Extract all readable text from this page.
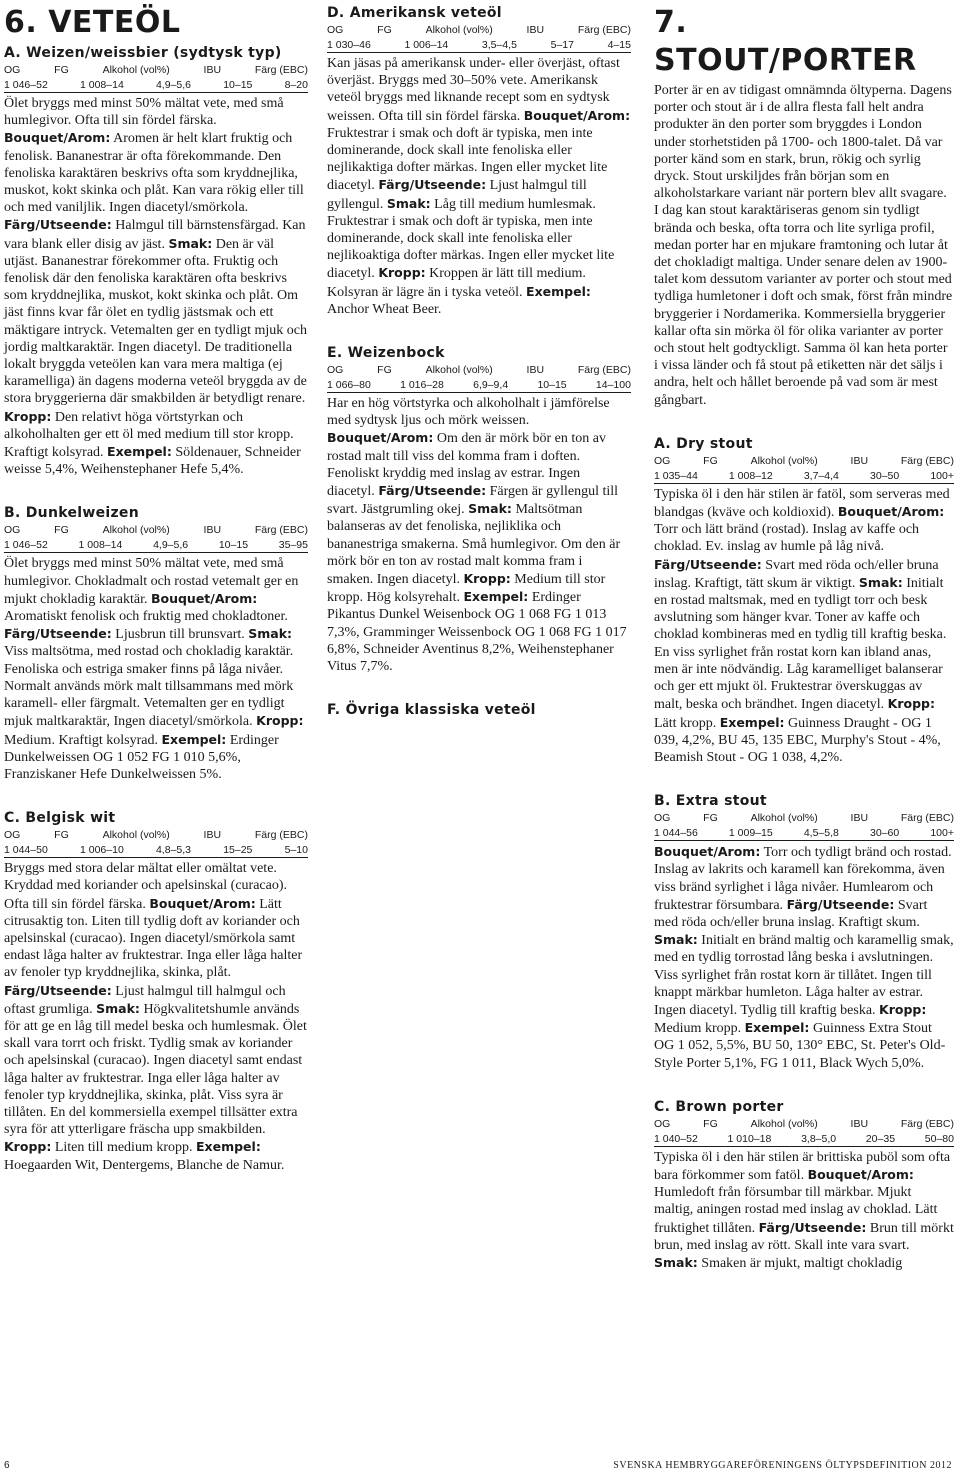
6. VETEÖL
A. Weizen/weissbier (sydtysk typ)
OG	FG	Alkohol (vol%)	IBU	Färg (EBC)
1 046–52	1 008–14	4,9–5,6	10–15	8–20

Ölet bryggs med minst 50% mältat vete, med små humlegivor. Ofta till sin fördel färska. Bouquet/Arom: Aromen är helt klart fruktig och fenolisk. Bananestrar är ofta förekommande. Den fenoliska karaktären beskrivs ofta som kryddnejlika, muskot, kokt skinka och plåt. Kan vara rökig eller till och med vaniljlik. Ingen diacetyl/smörkola. Färg/Utseende: Halmgul till bärnstensfärgad. Kan vara blank eller disig av jäst. Smak: Den är väl utjäst. Bananestrar förekommer ofta. Fruktig och fenolisk där den fenoliska karaktären ofta beskrivs som kryddnejlika, muskot, kokt skinka och plåt. Om jäst finns kvar får ölet en tydlig jästsmak och ett mäktigare intryck. Vetemalten ger en tydligt mjuk och jordig maltkaraktär. Ingen diacetyl. De traditionella lokalt bryggda veteölen kan vara mera maltiga (ej karamelliga) än dagens moderna veteöl bryggda av de stora bryggerierna där smakbilden är betydligt renare. Kropp: Den relativt höga vörtstyrkan och alkoholhalten ger ett öl med medium till stor kropp. Kraftigt kolsyrad. Exempel: Söldenauer, Schneider weisse 5,4%, Weihenstephaner Hefe 5,4%.

B. Dunkelweizen
OG	FG	Alkohol (vol%)	IBU	Färg (EBC)
1 046–52	1 008–14	4,9–5,6	10–15	35–95

Ölet bryggs med minst 50% mältat vete, med små humlegivor. Chokladmalt och rostad vetemalt ger en mjukt chokladig karaktär. Bouquet/Arom: Aromatiskt fenolisk och fruktig med chokladtoner. Färg/Utseende: Ljusbrun till brunsvart. Smak: Viss maltsötma, med rostad och chokladig karaktär. Fenoliska och estriga smaker finns på låga nivåer. Normalt används mörk malt tillsammans med mörk karamell- eller färgmalt. Vetemalten ger en tydligt mjuk maltkaraktär, Ingen diacetyl/smörkola. Kropp: Medium. Kraftigt kolsyrad. Exempel: Erdinger Dunkelweissen OG 1 052 FG 1 010 5,6%, Franziskaner Hefe Dunkelweissen 5%.

C. Belgisk wit
OG	FG	Alkohol (vol%)	IBU	Färg (EBC)
1 044–50	1 006–10	4,8–5,3	15–25	5–10

Bryggs med stora delar mältat eller omältat vete. Kryddad med koriander och apelsinskal (curacao). Ofta till sin fördel färska. Bouquet/Arom: Lätt citrusaktig ton. Liten till tydlig doft av koriander och apelsinskal (curacao). Ingen diacetyl/smörkola samt endast låga halter av fruktestrar. Inga eller låga halter av fenoler typ kryddnejlika, skinka, plåt. Färg/Utseende: Ljust halmgul till halmgul och oftast grumliga. Smak: Högkvalitetshumle används för att ge en låg till medel beska och humlesmak. Ölet skall vara torrt och friskt. Tydlig smak av koriander och apelsinskal (curacao). Ingen diacetyl samt endast låga halter av fruktestrar. Inga eller låga halter av fenoler typ kryddnejlika, skinka, plåt. Viss syra är tillåten. En del kommersiella exempel tillsätter extra syra för att ytterligare fräscha upp smakbilden. Kropp: Liten till medium kropp. Exempel: Hoegaarden Wit, Dentergems, Blanche de Namur.

D. Amerikansk veteöl
OG	FG	Alkohol (vol%)	IBU	Färg (EBC)
1 030–46	1 006–14	3,5–4,5	5–17	4–15

Kan jäsas på amerikansk under- eller överjäst, oftast överjäst. Bryggs med 30–50% vete. Amerikansk veteöl bryggs med liknande recept som en sydtysk weissen. Ofta till sin fördel färska. Bouquet/Arom: Fruktestrar i smak och doft är typiska, men inte dominerande, dock skall inte fenoliska eller nejlikaktiga dofter märkas. Ingen eller mycket lite diacetyl. Färg/Utseende: Ljust halmgul till gyllengul. Smak: Låg till medium humlesmak. Fruktestrar i smak och doft är typiska, men inte dominerande, dock skall inte fenoliska eller nejlikoaktiga dofter märkas. Ingen eller mycket lite diacetyl. Kropp: Kroppen är lätt till medium. Kolsyran är lägre än i tyska veteöl. Exempel: Anchor Wheat Beer.

E. Weizenbock
OG	FG	Alkohol (vol%)	IBU	Färg (EBC)
1 066–80	1 016–28	6,9–9,4	10–15	14–100

Har en hög vörtstyrka och alkoholhalt i jämförelse med sydtysk ljus och mörk weissen. Bouquet/Arom: Om den är mörk bör en ton av rostad malt till viss del komma fram i doften. Fenoliskt kryddig med inslag av estrar. Ingen diacetyl. Färg/Utseende: Färgen är gyllengul till svart. Jästgrumling okej. Smak: Maltsötman balanseras av det fenoliska, nejliklika och bananestriga smakerna. Små humlegivor. Om den är mörk bör en ton av rostad malt komma fram i smaken. Ingen diacetyl. Kropp: Medium till stor kropp. Hög kolsyrehalt. Exempel: Erdinger Pikantus Dunkel Weisenbock OG 1 068 FG 1 013 7,3%, Gramminger Weissenbock OG 1 068 FG 1 017 6,8%, Schneider Aventinus 8,2%, Weihenstephaner Vitus 7,7%.

F. Övriga klassiska veteöl
7. STOUT/PORTER

Porter är en av tidigast omnämnda öltyperna. Dagens porter och stout är i de allra flesta fall helt andra produkter än den porter som bryggdes i London under storhetstiden på 1700- och 1800-talet. Då var porter känd som en stark, brun, rökig och syrlig dryck. Stout urskiljdes från början som en alkoholstarkare variant när portern blev allt svagare. I dag kan stout karaktäriseras genom sin tydligt brända och beska, ofta torra och lite syrliga profil, medan porter har en mjukare framtoning och lutar åt det chokladigt maltiga. Under senare delen av 1900-talet kom dessutom varianter av porter och stout med tydliga humletoner i doft och smak, först från mindre bryggerier i Nordamerika. Kommersiella bryggerier kallar ofta sin mörka öl för olika varianter av porter och stout helt godtyckligt. Samma öl kan heta porter i vissa länder och få stout på etiketten när det säljs i andra, helt och hållet beroende på vad som är mest gångbart.

A. Dry stout
OG	FG	Alkohol (vol%)	IBU	Färg (EBC)
1 035–44	1 008–12	3,7–4,4	30–50	100+

Typiska öl i den här stilen är fatöl, som serveras med blandgas (kväve och koldioxid). Bouquet/Arom: Torr och lätt bränd (rostad). Inslag av kaffe och choklad. Ev. inslag av humle på låg nivå. Färg/Utseende: Svart med röda och/eller bruna inslag. Kraftigt, tätt skum är viktigt. Smak: Initialt en rostad maltsmak, med en tydligt torr och besk avslutning som hänger kvar. Toner av kaffe och choklad kombineras med en tydlig till kraftig beska. En viss syrlighet från rostat korn kan ibland anas, men är inte nödvändig. Låg karamelliget balanserar och ger ett mjukt öl. Fruktestrar överskuggas av malt, beska och brändhet. Ingen diacetyl. Kropp: Lätt kropp. Exempel: Guinness Draught - OG 1 039, 4,2%, BU 45, 135 EBC, Murphy's Stout - 4%, Beamish Stout - OG 1 038, 4,2%.

B. Extra stout
OG	FG	Alkohol (vol%)	IBU	Färg (EBC)
1 044–56	1 009–15	4,5–5,8	30–60	100+

Bouquet/Arom: Torr och tydligt bränd och rostad. Inslag av lakrits och karamell kan förekomma, även viss bränd syrlighet i låga nivåer. Humlearom och fruktestrar försumbara. Färg/Utseende: Svart med röda och/eller bruna inslag. Kraftigt skum. Smak: Initialt en bränd maltig och karamellig smak, med en tydlig torrostad lång beska i avslutningen. Viss syrlighet från rostat korn är tillåtet. Ingen till knappt märkbar humleton. Låga halter av estrar. Ingen diacetyl. Tydlig till kraftig beska. Kropp: Medium kropp. Exempel: Guinness Extra Stout OG 1 052, 5,5%, BU 50, 130° EBC, St. Peter's Old-Style Porter 5,1%, FG 1 011, Black Wych 5,0%.

C. Brown porter
OG	FG	Alkohol (vol%)	IBU	Färg (EBC)
1 040–52	1 010–18	3,8–5,0	20–35	50–80

Typiska öl i den här stilen är brittiska puböl som ofta bara förkommer som fatöl. Bouquet/Arom: Humledoft från försumbar till märkbar. Mjukt maltig, aningen rostad med inslag av choklad. Lätt fruktighet tillåten. Färg/Utseende: Brun till mörkt brun, med inslag av rött. Skall inte vara svart. Smak: Smaken är mjukt, maltigt chokladig

6	SVENSKA HEMBRYGGAREFÖRENINGENS ÖLTYPSDEFINITION 2012
